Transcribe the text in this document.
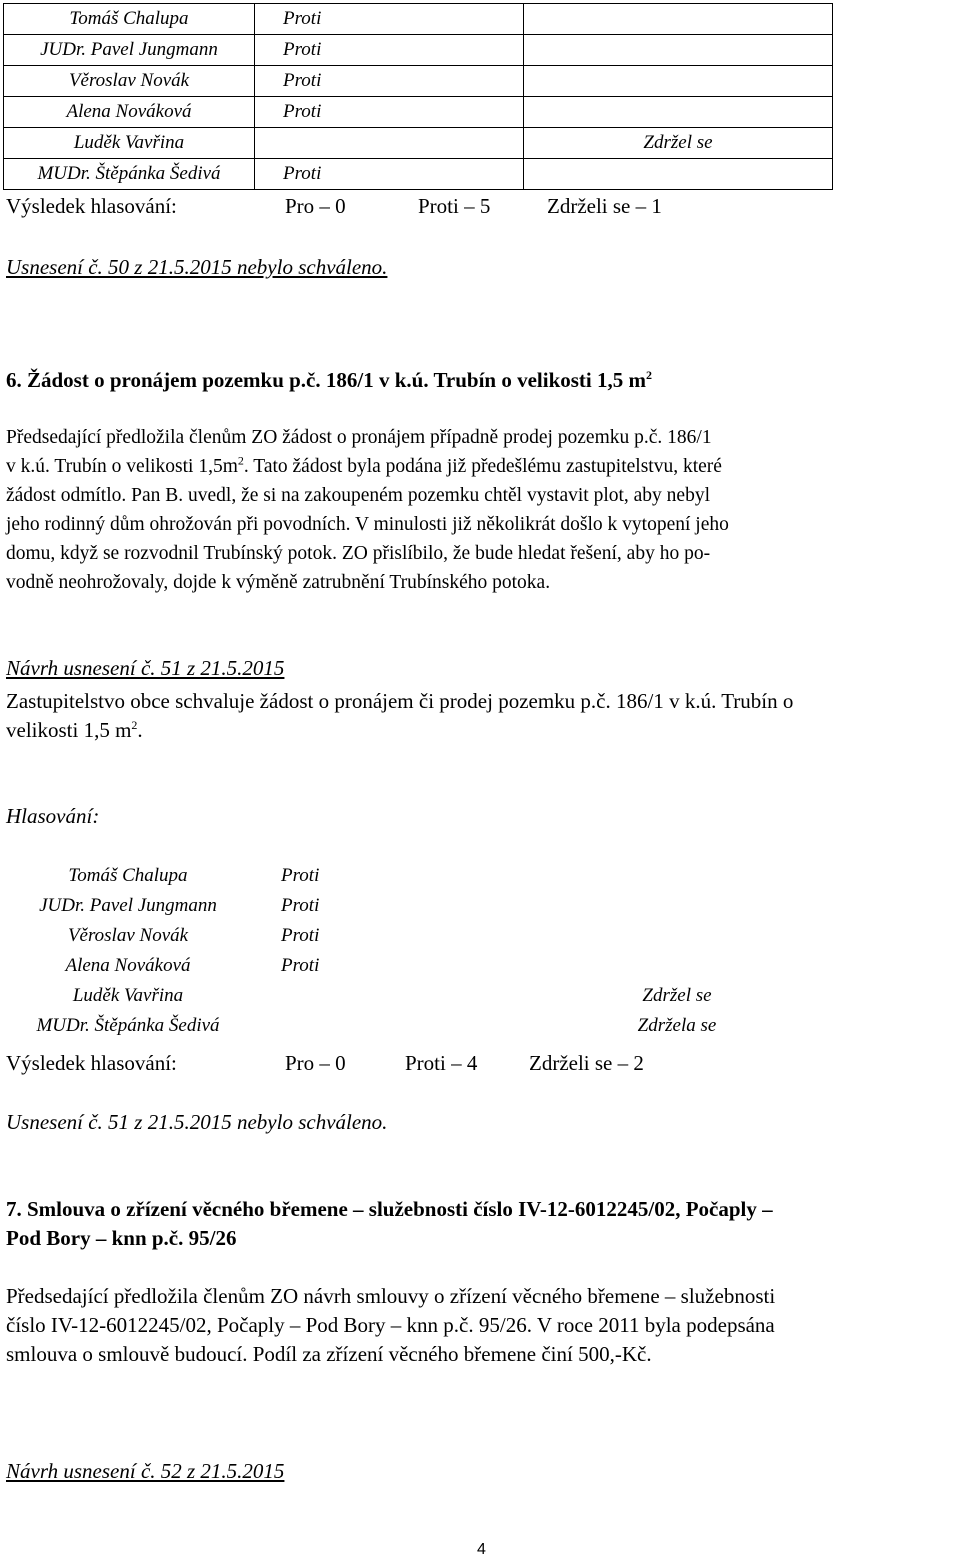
Tomáš Chalupa	Proti	
JUDr. Pavel Jungmann	Proti	
Věroslav Novák	Proti	
Alena Nováková	Proti	
Luděk Vavřina		Zdržel se
MUDr. Štěpánka Šedivá	Proti	
Výsledek hlasování:	Pro – 0	Proti – 5	Zdrželi se – 1
Usnesení č. 50 z 21.5.2015 nebylo schváleno.
6. Žádost o pronájem pozemku p.č. 186/1 v k.ú. Trubín o velikosti 1,5 $m^2$
Předsedající předložila členům ZO žádost o pronájem případně prodej pozemku p.č. 186/1
v k.ú. Trubín o velikosti $1,5m^2$. Tato žádost byla podána již předešlému zastupitelstvu, které
žádost odmítlo. Pan B. uvedl, že si na zakoupeném pozemku chtěl vystavit plot, aby nebyl
jeho rodinný dům ohrožován při povodních. V minulosti již několikrát došlo k vytopení jeho
domu, když se rozvodnil Trubínský potok. ZO přislíbilo, že bude hledat řešení, aby ho po-
vodně neohrožovaly, dojde k výměně zatrubnění Trubínského potoka.
Návrh usnesení č. 51 z 21.5.2015
Zastupitelstvo obce schvaluje žádost o pronájem či prodej pozemku p.č. 186/1 v k.ú. Trubín o
velikosti 1,5 $m^2$.
Hlasování:
Tomáš Chalupa	Proti	
JUDr. Pavel Jungmann	Proti	
Věroslav Novák	Proti	
Alena Nováková	Proti	
Luděk Vavřina		Zdržel se
MUDr. Štěpánka Šedivá		Zdržela se
Výsledek hlasování:	Pro – 0	Proti – 4 Zdrželi se – 2
Usnesení č. 51 z 21.5.2015 nebylo schváleno.
7. Smlouva o zřízení věcného břemene – služebnosti číslo IV-12-6012245/02, Počaply –
Pod Bory – knn p.č. 95/26
Předsedající předložila členům ZO návrh smlouvy o zřízení věcného břemene – služebnosti
číslo IV-12-6012245/02, Počaply – Pod Bory – knn p.č. 95/26. V roce 2011 byla podepsána
smlouva o smlouvě budoucí. Podíl za zřízení věcného břemene činí 500,-Kč.
Návrh usnesení č. 52 z 21.5.2015
4
